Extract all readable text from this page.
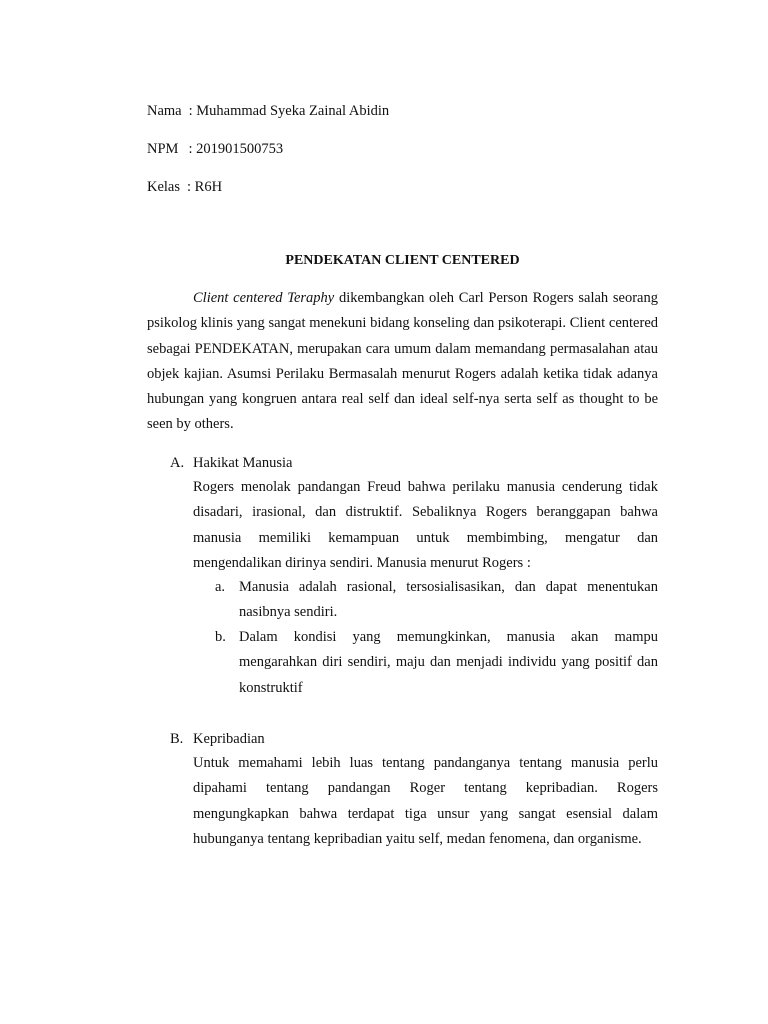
Nama : Muhammad Syeka Zainal Abidin
NPM : 201901500753
Kelas : R6H
PENDEKATAN CLIENT CENTERED

Client centered Teraphy dikembangkan oleh Carl Person Rogers salah seorang psikolog klinis yang sangat menekuni bidang konseling dan psikoterapi. Client centered sebagai PENDEKATAN, merupakan cara umum dalam memandang permasalahan atau objek kajian. Asumsi Perilaku Bermasalah menurut Rogers adalah ketika tidak adanya hubungan yang kongruen antara real self dan ideal self-nya serta self as thought to be seen by others.

A. Hakikat Manusia

Rogers menolak pandangan Freud bahwa perilaku manusia cenderung tidak disadari, irasional, dan distruktif. Sebaliknya Rogers beranggapan bahwa manusia memiliki kemampuan untuk membimbing, mengatur dan mengendalikan dirinya sendiri. Manusia menurut Rogers :

a. Manusia adalah rasional, tersosialisasikan, dan dapat menentukan nasibnya sendiri.

b. Dalam kondisi yang memungkinkan, manusia akan mampu mengarahkan diri sendiri, maju dan menjadi individu yang positif dan konstruktif

B. Kepribadian

Untuk memahami lebih luas tentang pandanganya tentang manusia perlu dipahami tentang pandangan Roger tentang kepribadian. Rogers mengungkapkan bahwa terdapat tiga unsur yang sangat esensial dalam hubunganya tentang kepribadian yaitu self, medan fenomena, dan organisme.
